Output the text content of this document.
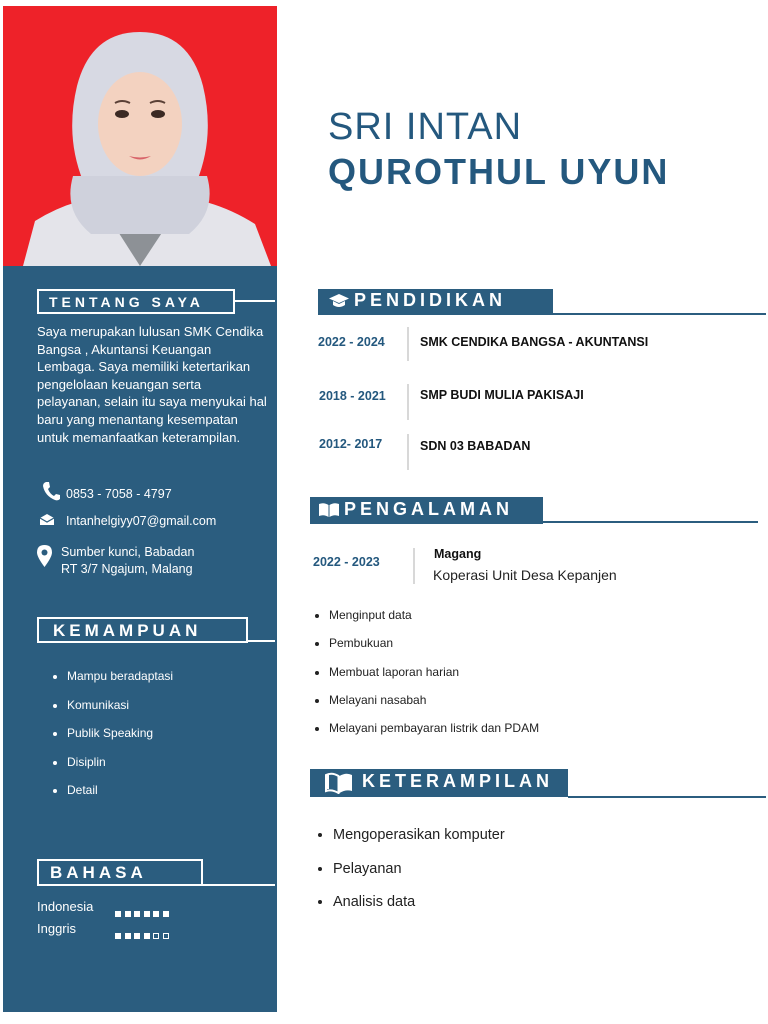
TENTANG SAYA
Saya merupakan lulusan SMK Cendika Bangsa , Akuntansi Keuangan Lembaga. Saya memiliki ketertarikan pengelolaan keuangan serta pelayanan, selain itu saya menyukai hal baru yang menantang kesempatan untuk memanfaatkan keterampilan.
0853 - 7058 - 4797
Intanhelgiyy07@gmail.com
Sumber kunci, Babadan
RT 3/7 Ngajum, Malang
KEMAMPUAN
• Mampu beradaptasi
• Komunikasi
• Publik Speaking
• Disiplin
• Detail
BAHASA
Indonesia
Inggris
SRI INTAN
QUROTHUL UYUN
PENDIDIKAN
2022 - 2024	SMK CENDIKA BANGSA - AKUNTANSI
2018 - 2021	SMP BUDI MULIA PAKISAJI
2012- 2017	SDN 03 BABADAN
PENGALAMAN
2022 - 2023
Magang
Koperasi Unit Desa Kepanjen
• Menginput data
• Pembukuan
• Membuat laporan harian
• Melayani nasabah
• Melayani pembayaran listrik dan PDAM
KETERAMPILAN
• Mengoperasikan komputer
• Pelayanan
• Analisis data
